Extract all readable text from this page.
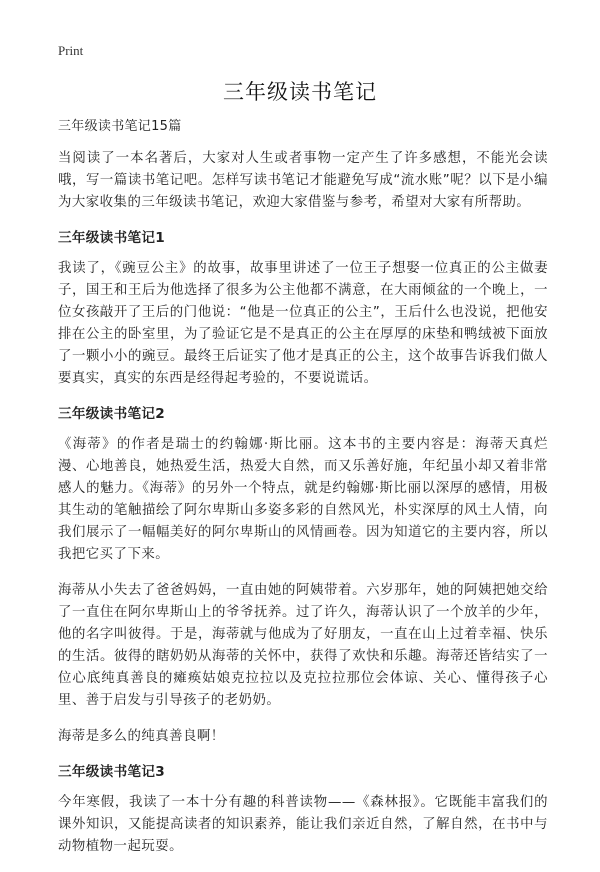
Print
三年级读书笔记

三年级读书笔记15篇

当阅读了一本名著后，大家对人生或者事物一定产生了许多感想，不能光会读哦，写一篇读书笔记吧。怎样写读书笔记才能避免写成“流水账”呢？以下是小编为大家收集的三年级读书笔记，欢迎大家借鉴与参考，希望对大家有所帮助。

三年级读书笔记1

我读了，《豌豆公主》的故事，故事里讲述了一位王子想娶一位真正的公主做妻子，国王和王后为他选择了很多为公主他都不满意，在大雨倾盆的一个晚上，一位女孩敲开了王后的门他说：“他是一位真正的公主”，王后什么也没说，把他安排在公主的卧室里，为了验证它是不是真正的公主在厚厚的床垫和鸭绒被下面放了一颗小小的豌豆。最终王后证实了他才是真正的公主，这个故事告诉我们做人要真实，真实的东西是经得起考验的，不要说谎话。

三年级读书笔记2

《海蒂》的作者是瑞士的约翰娜·斯比丽。这本书的主要内容是：海蒂天真烂漫、心地善良，她热爱生活，热爱大自然，而又乐善好施，年纪虽小却又着非常感人的魅力。《海蒂》的另外一个特点，就是约翰娜·斯比丽以深厚的感情，用极其生动的笔触描绘了阿尔卑斯山多姿多彩的自然风光，朴实深厚的风土人情，向我们展示了一幅幅美好的阿尔卑斯山的风情画卷。因为知道它的主要内容，所以我把它买了下来。

海蒂从小失去了爸爸妈妈，一直由她的阿姨带着。六岁那年，她的阿姨把她交给了一直住在阿尔卑斯山上的爷爷抚养。过了许久，海蒂认识了一个放羊的少年，他的名字叫彼得。于是，海蒂就与他成为了好朋友，一直在山上过着幸福、快乐的生活。彼得的瞎奶奶从海蒂的关怀中，获得了欢快和乐趣。海蒂还皆结实了一位心底纯真善良的瘫痪姑娘克拉拉以及克拉拉那位会体谅、关心、懂得孩子心里、善于启发与引导孩子的老奶奶。

海蒂是多么的纯真善良啊！

三年级读书笔记3

今年寒假，我读了一本十分有趣的科普读物——《森林报》。它既能丰富我们的课外知识，又能提高读者的知识素养，能让我们亲近自然，了解自然，在书中与动物植物一起玩耍。
